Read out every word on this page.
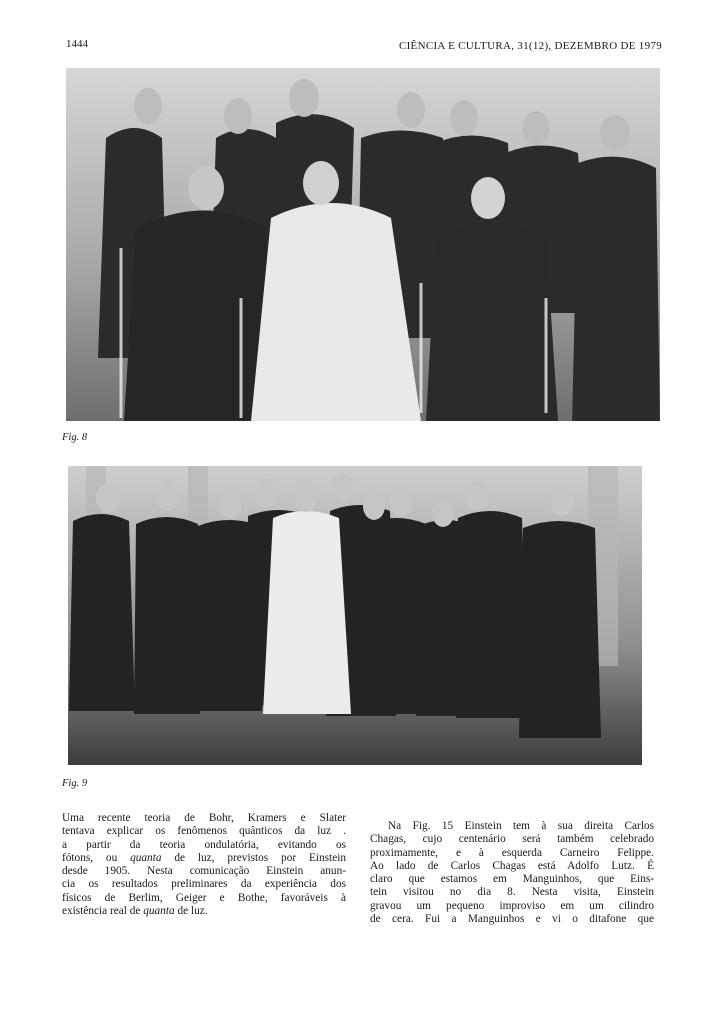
1444	CIÊNCIA E CULTURA, 31(12), DEZEMBRO DE 1979
Fig. 8
Fig. 9
Uma recente teoria de Bohr, Kramers e Slater
tentava explicar os fenômenos quânticos da luz .
a partir da teoria ondulatória, evitando os
fótons, ou quanta de luz, previstos por Einstein
desde 1905. Nesta comunicação Einstein anun-
cia os resultados preliminares da experiência dos
físicos de Berlim, Geiger e Bothe, favoráveis à
existência real de quanta de luz.
Na Fig. 15 Einstein tem à sua direita Carlos
Chagas, cujo centenário será também celebrado
proximamente, e à esquerda Carneiro Felippe.
Ao lado de Carlos Chagas está Adolfo Lutz. É
claro que estamos em Manguinhos, que Eins-
tein visitou no dia 8. Nesta visita, Einstein
gravou um pequeno improviso em um cilindro
de cera. Fui a Manguinhos e vi o ditafone que
